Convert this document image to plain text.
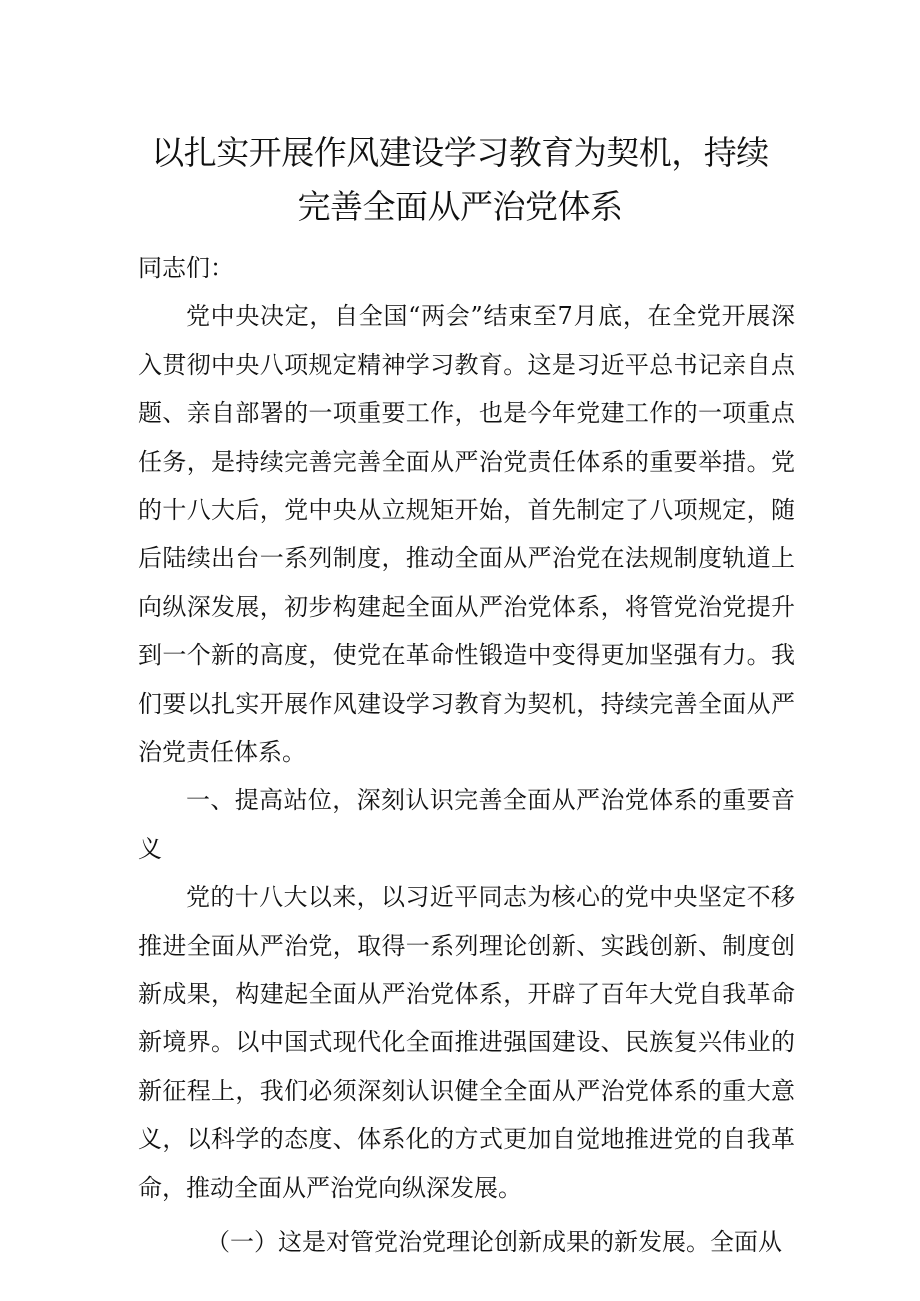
以扎实开展作风建设学习教育为契机，持续
完善全面从严治党体系

同志们：

党中央决定，自全国“两会”结束至7月底，在全党开展深入贯彻中央八项规定精神学习教育。这是习近平总书记亲自点题、亲自部署的一项重要工作，也是今年党建工作的一项重点任务，是持续完善完善全面从严治党责任体系的重要举措。党的十八大后，党中央从立规矩开始，首先制定了八项规定，随后陆续出台一系列制度，推动全面从严治党在法规制度轨道上向纵深发展，初步构建起全面从严治党体系，将管党治党提升到一个新的高度，使党在革命性锻造中变得更加坚强有力。我们要以扎实开展作风建设学习教育为契机，持续完善全面从严治党责任体系。

一、提高站位，深刻认识完善全面从严治党体系的重要音义

党的十八大以来，以习近平同志为核心的党中央坚定不移推进全面从严治党，取得一系列理论创新、实践创新、制度创新成果，构建起全面从严治党体系，开辟了百年大党自我革命新境界。以中国式现代化全面推进强国建设、民族复兴伟业的新征程上，我们必须深刻认识健全全面从严治党体系的重大意义，以科学的态度、体系化的方式更加自觉地推进党的自我革命，推动全面从严治党向纵深发展。

（一）这是对管党治党理论创新成果的新发展。全面从
